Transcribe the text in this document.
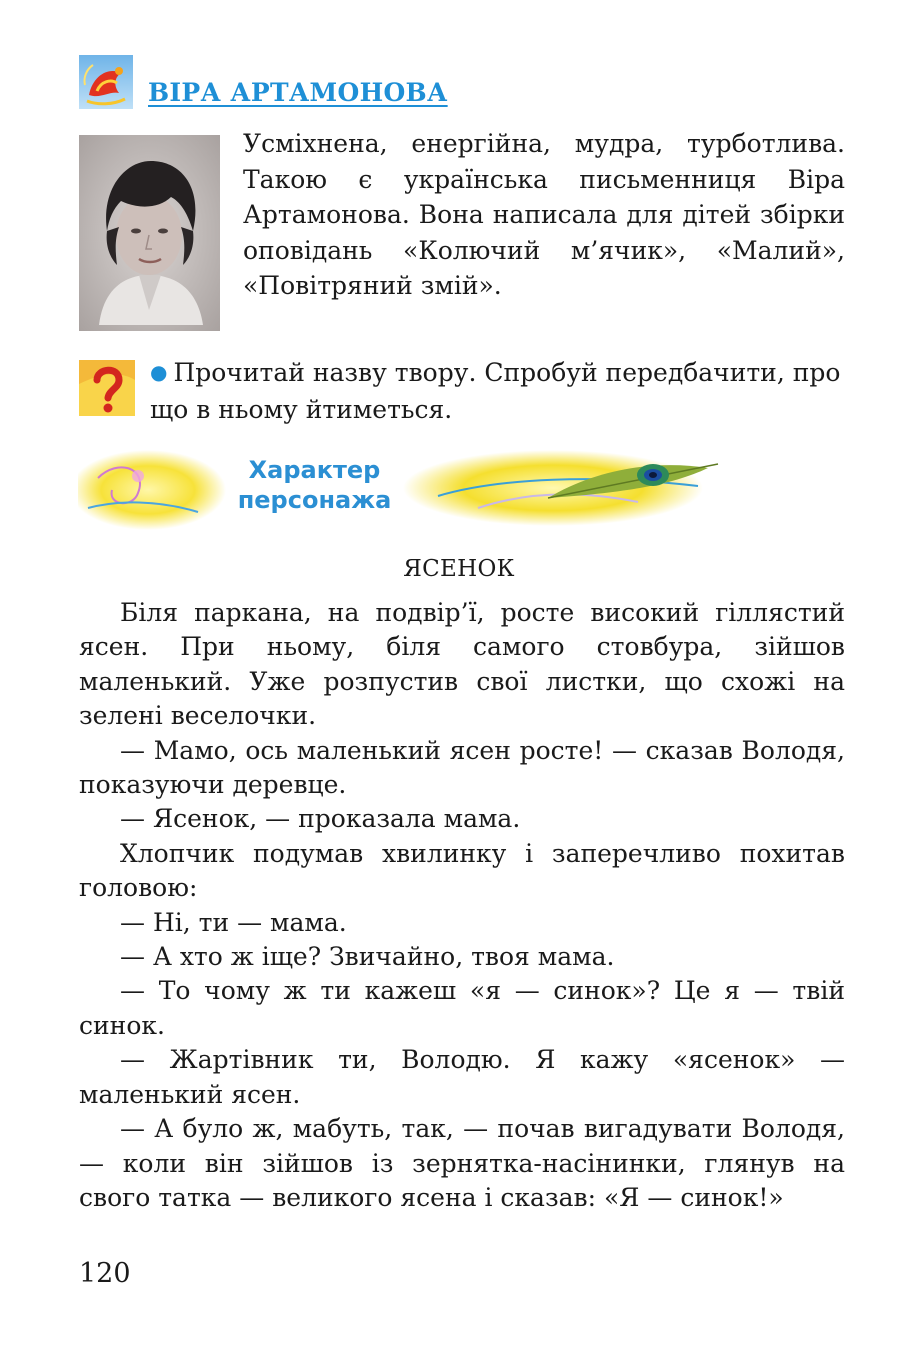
ВІРА АРТАМОНОВА
Усміхнена, енергійна, мудра, турботлива. Такою є українська письменниця Віра Артамонова. Вона написала для дітей збірки оповідань «Колючий м’ячик», «Малий», «Повітряний змій».
● Прочитай назву твору. Спробуй передбачити, про що в ньому йтиметься.
Характер
персонажа
ЯСЕНОК

Біля паркана, на подвір’ї, росте високий гіллястий ясен. При ньому, біля самого стовбура, зійшов маленький. Уже розпустив свої листки, що схожі на зелені веселочки.

— Мамо, ось маленький ясен росте! — сказав Володя, показуючи деревце.

— Ясенок, — проказала мама.

Хлопчик подумав хвилинку і заперечливо похитав головою:

— Ні, ти — мама.

— А хто ж іще? Звичайно, твоя мама.

— То чому ж ти кажеш «я — синок»? Це я — твій синок.

— Жартівник ти, Володю. Я кажу «ясенок» — маленький ясен.

— А було ж, мабуть, так, — почав вигадувати Володя, — коли він зійшов із зернятка-насінинки, глянув на свого татка — великого ясена і сказав: «Я — синок!»

120
